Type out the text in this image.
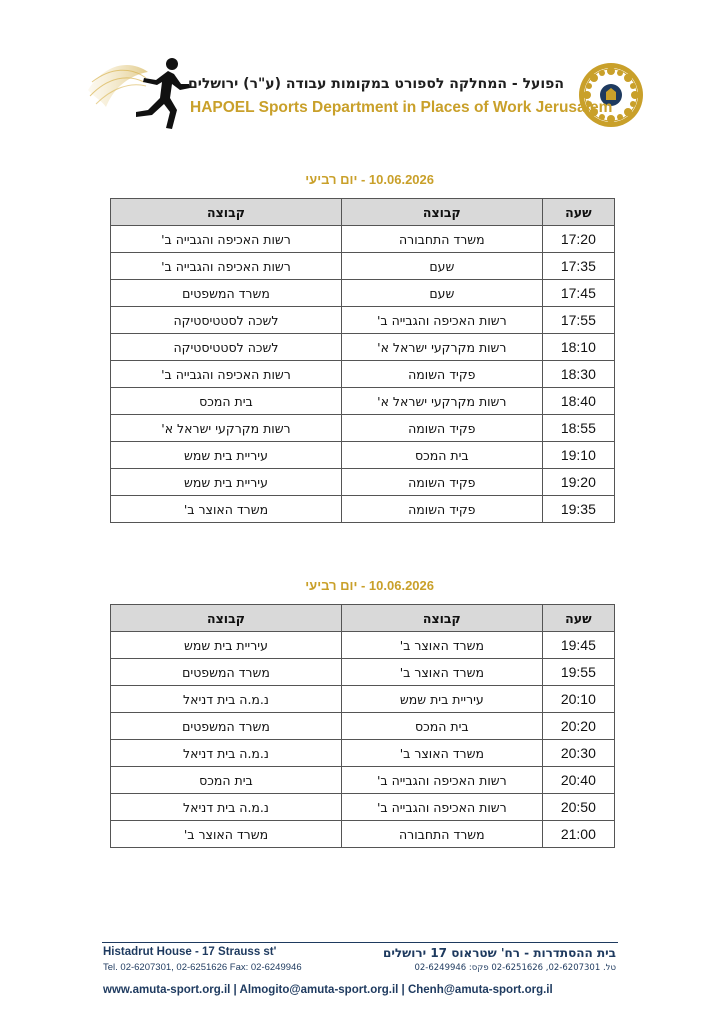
הפועל - המחלקה לספורט במקומות עבודה (ע"ר) ירושלים
HAPOEL Sports Department in Places of Work Jerusalem
10.06.2026 - יום רביעי
שעה	קבוצה	קבוצה
17:20	משרד התחבורה	רשות האכיפה והגבייה ב'
17:35	שעם	רשות האכיפה והגבייה ב'
17:45	שעם	משרד המשפטים
17:55	רשות האכיפה והגבייה ב'	לשכה לסטטיסטיקה
18:10	רשות מקרקעי ישראל א'	לשכה לסטטיסטיקה
18:30	פקיד השומה	רשות האכיפה והגבייה ב'
18:40	רשות מקרקעי ישראל א'	בית המכס
18:55	פקיד השומה	רשות מקרקעי ישראל א'
19:10	בית המכס	עיריית בית שמש
19:20	פקיד השומה	עיריית בית שמש
19:35	פקיד השומה	משרד האוצר ב'
10.06.2026 - יום רביעי
שעה	קבוצה	קבוצה
19:45	משרד האוצר ב'	עיריית בית שמש
19:55	משרד האוצר ב'	משרד המשפטים
20:10	עיריית בית שמש	נ.מ.ה בית דניאל
20:20	בית המכס	משרד המשפטים
20:30	משרד האוצר ב'	נ.מ.ה בית דניאל
20:40	רשות האכיפה והגבייה ב'	בית המכס
20:50	רשות האכיפה והגבייה ב'	נ.מ.ה בית דניאל
21:00	משרד התחבורה	משרד האוצר ב'
Histadrut House - 17 Strauss st'
Tel. 02-6207301, 02-6251626 Fax: 02-6249946
בית ההסתדרות - רח' שטראוס 17 ירושלים
טל. 02-6207301, 02-6251626 פקס: 02-6249946
www.amuta-sport.org.il | Almogito@amuta-sport.org.il | Chenh@amuta-sport.org.il
